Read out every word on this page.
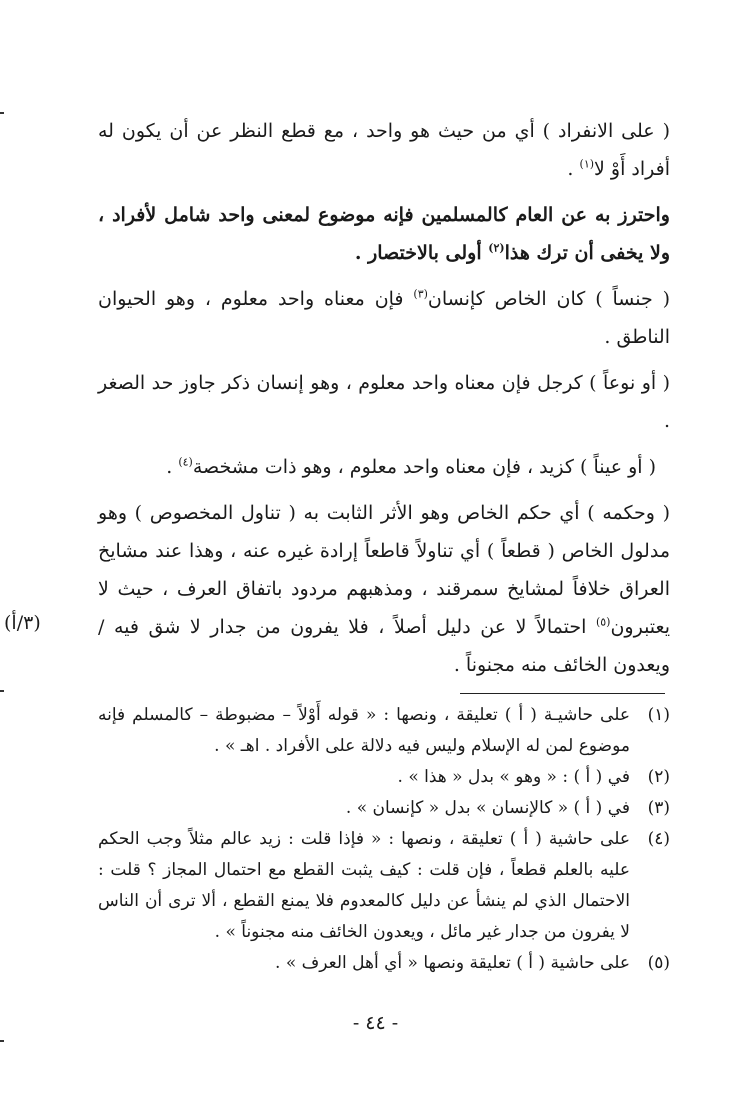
( على الانفراد ) أي من حيث هو واحد ، مع قطع النظر عن أن يكون له أفراد أَوْ لا$^{(١)}$ .

واحترز به عن العام كالمسلمين فإنه موضوع لمعنى واحد شامل لأفراد ، ولا يخفى أن ترك هذا$^{(٢)}$ أولى بالاختصار .

( جنساً ) كان الخاص كإنسان$^{(٣)}$ فإن معناه واحد معلوم ، وهو الحيوان الناطق .

( أو نوعاً ) كرجل فإن معناه واحد معلوم ، وهو إنسان ذكر جاوز حد الصغر .

( أو عيناً ) كزيد ، فإن معناه واحد معلوم ، وهو ذات مشخصة$^{(٤)}$ .

( وحكمه ) أي حكم الخاص وهو الأثر الثابت به ( تناول المخصوص ) وهو مدلول الخاص ( قطعاً ) أي تناولاً قاطعاً إرادة غيره عنه ، وهذا عند مشايخ العراق خلافاً لمشايخ سمرقند ، ومذهبهم مردود باتفاق العرف ، حيث لا يعتبرون$^{(٥)}$ احتمالاً لا عن دليل أصلاً ، فلا يفرون من جدار لا شق فيه / ويعدون الخائف منه مجنوناً .

(٣/أ)
(١)
على حاشيـة ( أ ) تعليقة ، ونصها : « قوله أَوْلاً – مضبوطة – كالمسلم فإنه موضوع لمن له الإسلام وليس فيه دلالة على الأفراد . اهـ » .
(٢)
في ( أ ) : « وهو » بدل « هذا » .
(٣)
في ( أ ) « كالإنسان » بدل « كإنسان » .
(٤)
على حاشية ( أ ) تعليقة ، ونصها : « فإذا قلت : زيد عالم مثلاً وجب الحكم عليه بالعلم قطعاً ، فإن قلت : كيف يثبت القطع مع احتمال المجاز ؟ قلت : الاحتمال الذي لم ينشأ عن دليل كالمعدوم فلا يمنع القطع ، ألا ترى أن الناس لا يفرون من جدار غير مائل ، ويعدون الخائف منه مجنوناً » .
(٥)
على حاشية ( أ ) تعليقة ونصها « أي أهل العرف » .
- ٤٤ -
